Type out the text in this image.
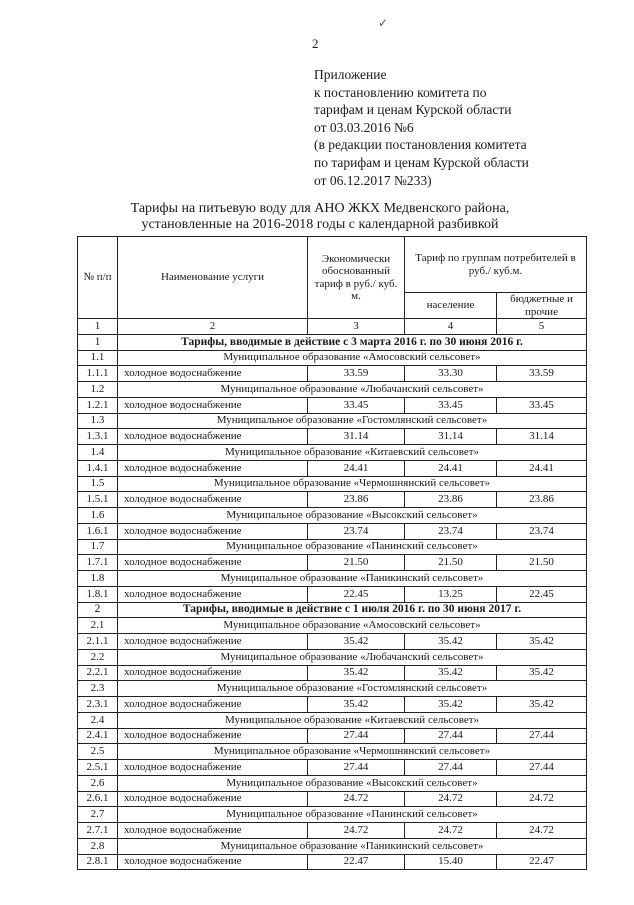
✓
2
Приложение
к постановлению комитета по
тарифам и ценам Курской области
от 03.03.2016 №6
(в редакции постановления комитета
по тарифам и ценам Курской области
от 06.12.2017 №233)
Тарифы на питьевую воду для АНО ЖКХ Медвенского района,
установленные на 2016-2018 годы с календарной разбивкой
№ п/п	Наименование услуги	Экономически обоснованный тариф в руб./ куб. м.	Тариф по группам потребителей в руб./ куб.м.	
			население	бюджетные и прочие
1	2	3	4	5
1	Тарифы, вводимые в действие с 3 марта 2016 г. по 30 июня 2016 г.			
1.1	Муниципальное образование «Амосовский сельсовет»			
1.1.1	холодное водоснабжение	33.59	33.30	33.59
1.2	Муниципальное образование «Любачанский сельсовет»			
1.2.1	холодное водоснабжение	33.45	33.45	33.45
1.3	Муниципальное образование «Гостомлянский сельсовет»			
1.3.1	холодное водоснабжение	31.14	31.14	31.14
1.4	Муниципальное образование «Китаевский сельсовет»			
1.4.1	холодное водоснабжение	24.41	24.41	24.41
1.5	Муниципальное образование «Чермошнянский сельсовет»			
1.5.1	холодное водоснабжение	23.86	23.86	23.86
1.6	Муниципальное образование «Высокский сельсовет»			
1.6.1	холодное водоснабжение	23.74	23.74	23.74
1.7	Муниципальное образование «Панинский сельсовет»			
1.7.1	холодное водоснабжение	21.50	21.50	21.50
1.8	Муниципальное образование «Паникинский сельсовет»			
1.8.1	холодное водоснабжение	22.45	13.25	22.45
2	Тарифы, вводимые в действие с 1 июля 2016 г. по 30 июня 2017 г.			
2.1	Муниципальное образование «Амосовский сельсовет»			
2.1.1	холодное водоснабжение	35.42	35.42	35.42
2.2	Муниципальное образование «Любачанский сельсовет»			
2.2.1	холодное водоснабжение	35.42	35.42	35.42
2.3	Муниципальное образование «Гостомлянский сельсовет»			
2.3.1	холодное водоснабжение	35.42	35.42	35.42
2.4	Муниципальное образование «Китаевский сельсовет»			
2.4.1	холодное водоснабжение	27.44	27.44	27.44
2.5	Муниципальное образование «Чермошнянский сельсовет»			
2.5.1	холодное водоснабжение	27.44	27.44	27.44
2.6	Муниципальное образование «Высокский сельсовет»			
2.6.1	холодное водоснабжение	24.72	24.72	24.72
2.7	Муниципальное образование «Панинский сельсовет»			
2.7.1	холодное водоснабжение	24.72	24.72	24.72
2.8	Муниципальное образование «Паникинский сельсовет»			
2.8.1	холодное водоснабжение	22.47	15.40	22.47
